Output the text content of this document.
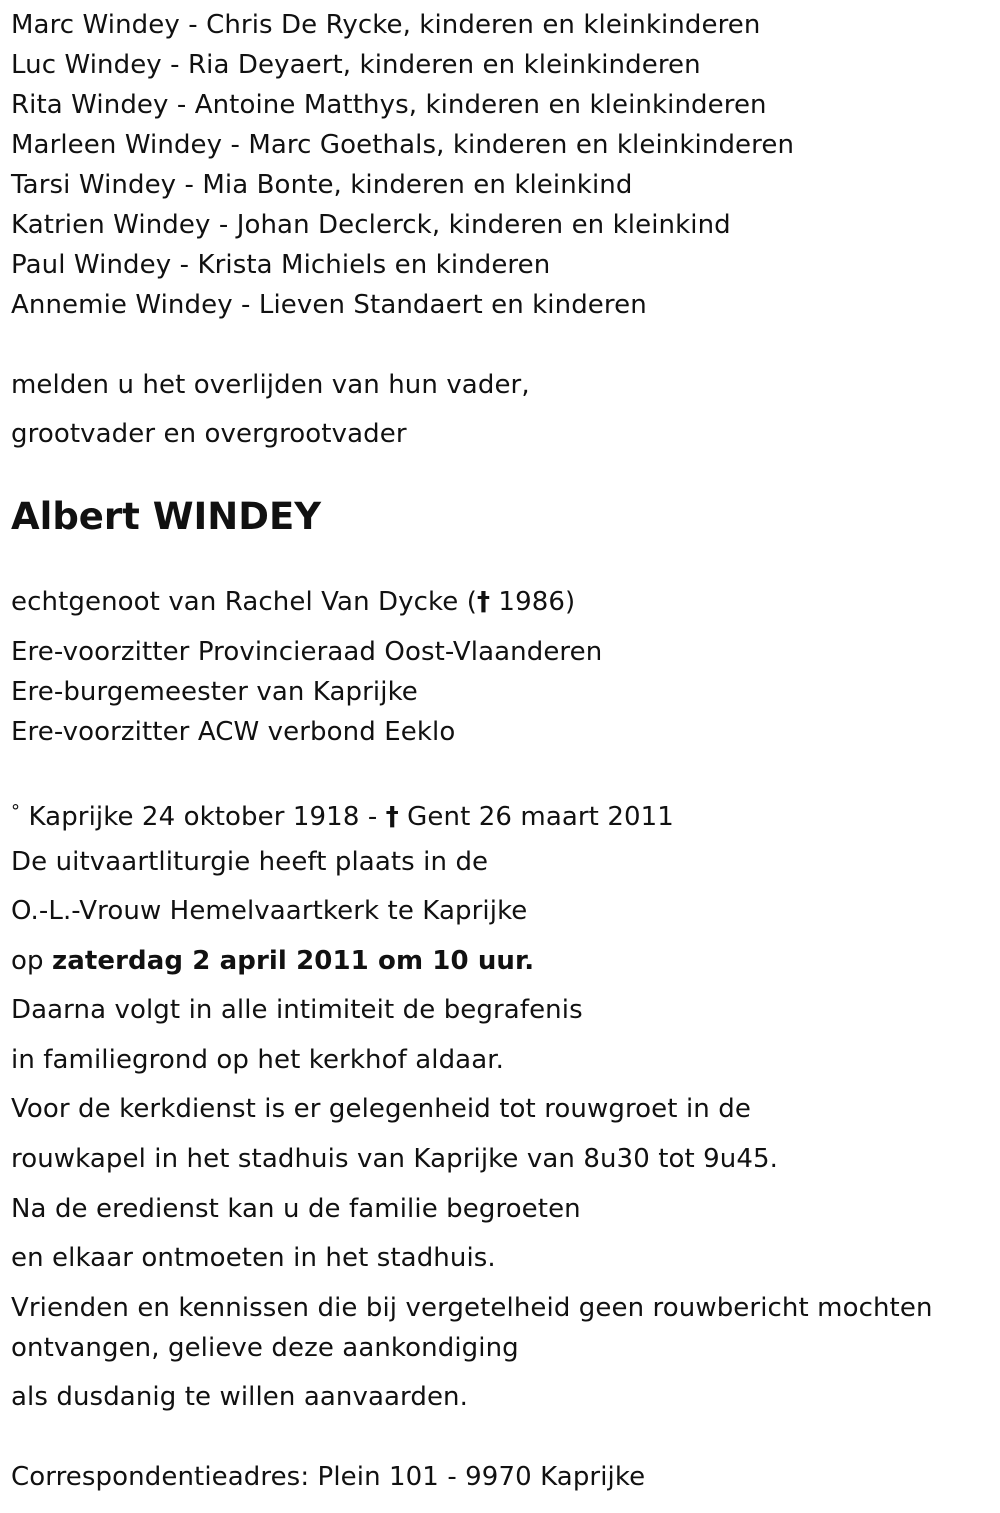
Marc Windey - Chris De Rycke, kinderen en kleinkinderen
Luc Windey - Ria Deyaert, kinderen en kleinkinderen
Rita Windey - Antoine Matthys, kinderen en kleinkinderen
Marleen Windey - Marc Goethals, kinderen en kleinkinderen
Tarsi Windey - Mia Bonte, kinderen en kleinkind
Katrien Windey - Johan Declerck, kinderen en kleinkind
Paul Windey - Krista Michiels en kinderen
Annemie Windey - Lieven Standaert en kinderen
melden u het overlijden van hun vader,
grootvader en overgrootvader
Albert WINDEY
echtgenoot van Rachel Van Dycke († 1986)
Ere-voorzitter Provincieraad Oost-Vlaanderen
Ere-burgemeester van Kaprijke
Ere-voorzitter ACW verbond Eeklo
° Kaprijke 24 oktober 1918 - † Gent 26 maart 2011
De uitvaartliturgie heeft plaats in de
O.-L.-Vrouw Hemelvaartkerk te Kaprijke
op zaterdag 2 april 2011 om 10 uur.
Daarna volgt in alle intimiteit de begrafenis
in familiegrond op het kerkhof aldaar.
Voor de kerkdienst is er gelegenheid tot rouwgroet in de
rouwkapel in het stadhuis van Kaprijke van 8u30 tot 9u45.
Na de eredienst kan u de familie begroeten
en elkaar ontmoeten in het stadhuis.
Vrienden en kennissen die bij vergetelheid geen rouwbericht mochten
ontvangen, gelieve deze aankondiging
als dusdanig te willen aanvaarden.
Correspondentieadres: Plein 101 - 9970 Kaprijke
